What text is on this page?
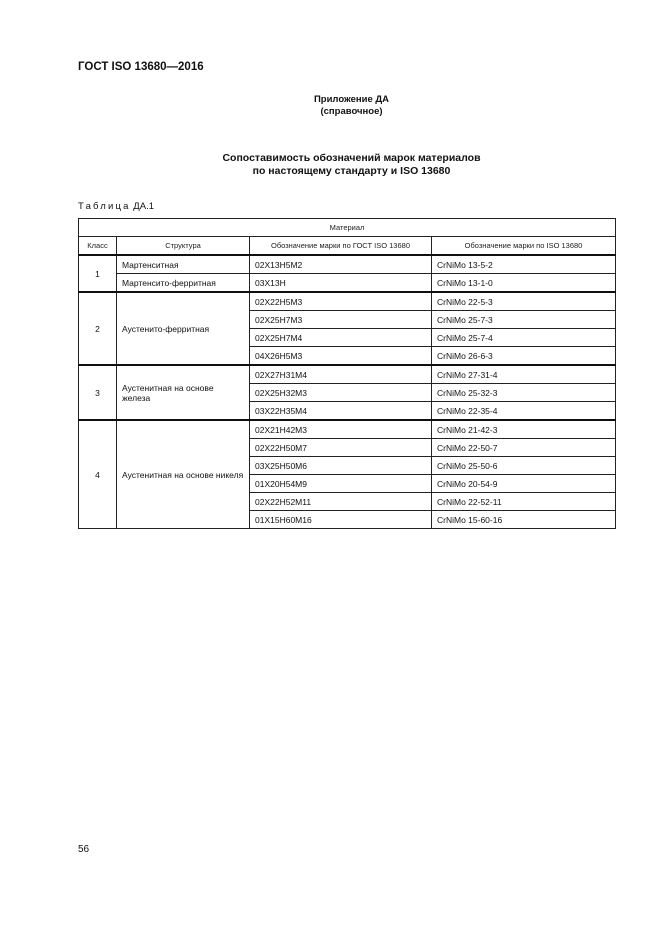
ГОСТ ISO 13680—2016
Приложение ДА
(справочное)
Сопоставимость обозначений марок материалов
по настоящему стандарту и ISO 13680
Таблица ДА.1
Материал			
Класс	Структура	Обозначение марки по ГОСТ ISO 13680	Обозначение марки по ISO 13680
1	Мартенситная	02Х13Н5М2	CrNiMo 13-5-2
	Мартенсито-ферритная	03Х13Н	CrNiMo 13-1-0
2	Аустенито-ферритная	02Х22Н5М3	CrNiMo 22-5-3
		02Х25Н7М3	CrNiMo 25-7-3
		02Х25Н7М4	CrNiMo 25-7-4
		04Х26Н5М3	CrNiMo 26-6-3
3	Аустенитная на основе железа	02Х27Н31М4	CrNiMo 27-31-4
		02Х25Н32М3	CrNiMo 25-32-3
		03Х22Н35М4	CrNiMo 22-35-4
4	Аустенитная на основе никеля	02Х21Н42М3	CrNiMo 21-42-3
		02Х22Н50М7	CrNiMo 22-50-7
		03Х25Н50М6	CrNiMo 25-50-6
		01Х20Н54М9	CrNiMo 20-54-9
		02Х22Н52М11	CrNiMo 22-52-11
		01Х15Н60М16	CrNiMo 15-60-16
56
